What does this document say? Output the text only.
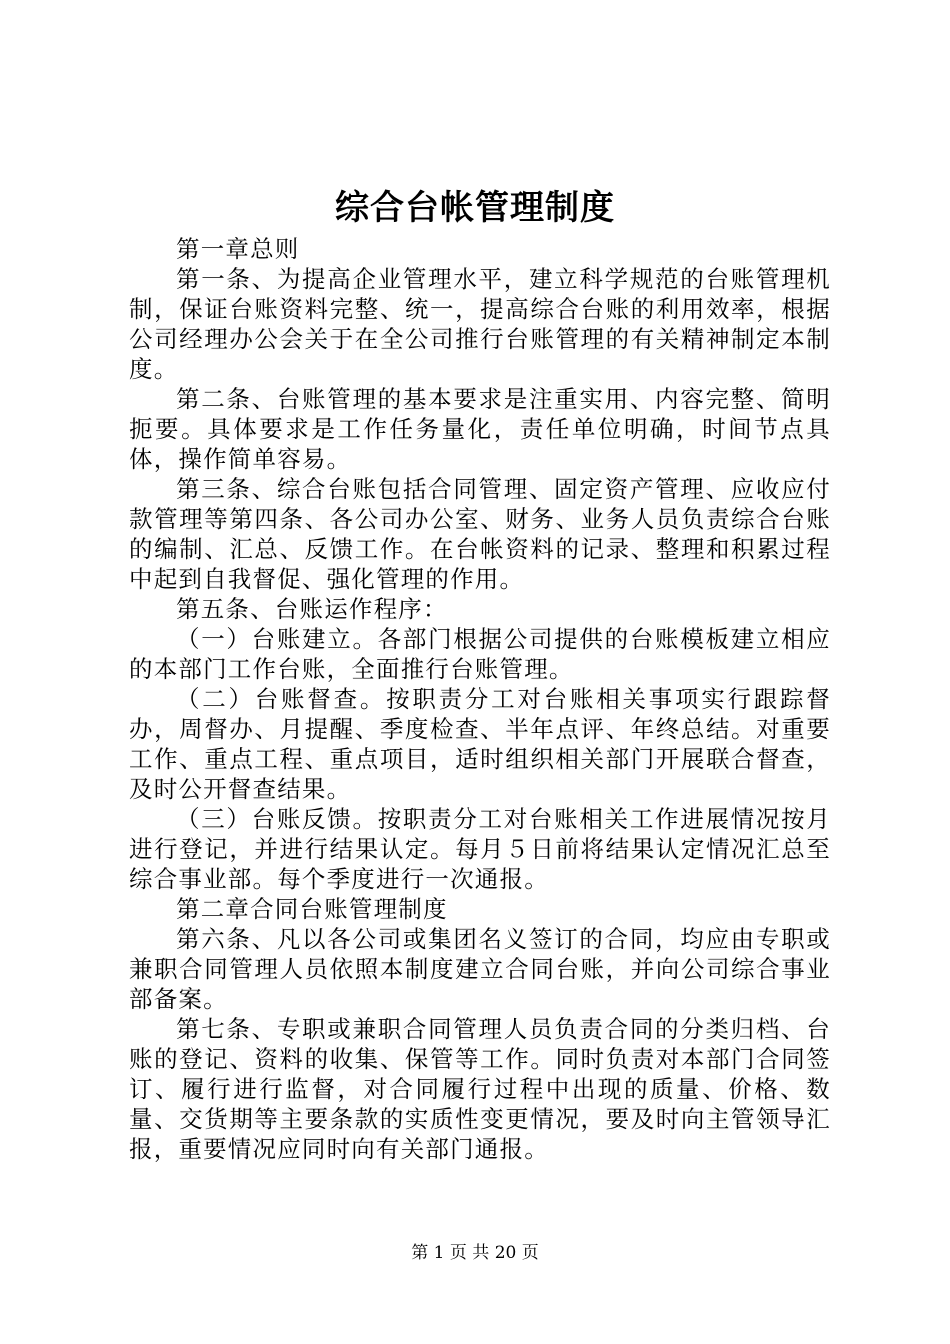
综合台帐管理制度

第一章总则

第一条、为提高企业管理水平，建立科学规范的台账管理机制，保证台账资料完整、统一，提高综合台账的利用效率，根据公司经理办公会关于在全公司推行台账管理的有关精神制定本制度。

第二条、台账管理的基本要求是注重实用、内容完整、简明扼要。具体要求是工作任务量化，责任单位明确，时间节点具体，操作简单容易。

第三条、综合台账包括合同管理、固定资产管理、应收应付款管理等第四条、各公司办公室、财务、业务人员负责综合台账的编制、汇总、反馈工作。在台帐资料的记录、整理和积累过程中起到自我督促、强化管理的作用。

第五条、台账运作程序：

（一）台账建立。各部门根据公司提供的台账模板建立相应的本部门工作台账，全面推行台账管理。

（二）台账督查。按职责分工对台账相关事项实行跟踪督办，周督办、月提醒、季度检查、半年点评、年终总结。对重要工作、重点工程、重点项目，适时组织相关部门开展联合督查，及时公开督查结果。

（三）台账反馈。按职责分工对台账相关工作进展情况按月进行登记，并进行结果认定。每月５日前将结果认定情况汇总至综合事业部。每个季度进行一次通报。

第二章合同台账管理制度

第六条、凡以各公司或集团名义签订的合同，均应由专职或兼职合同管理人员依照本制度建立合同台账，并向公司综合事业部备案。

第七条、专职或兼职合同管理人员负责合同的分类归档、台账的登记、资料的收集、保管等工作。同时负责对本部门合同签订、履行进行监督，对合同履行过程中出现的质量、价格、数量、交货期等主要条款的实质性变更情况，要及时向主管领导汇报，重要情况应同时向有关部门通报。

第 1 页 共 20 页
